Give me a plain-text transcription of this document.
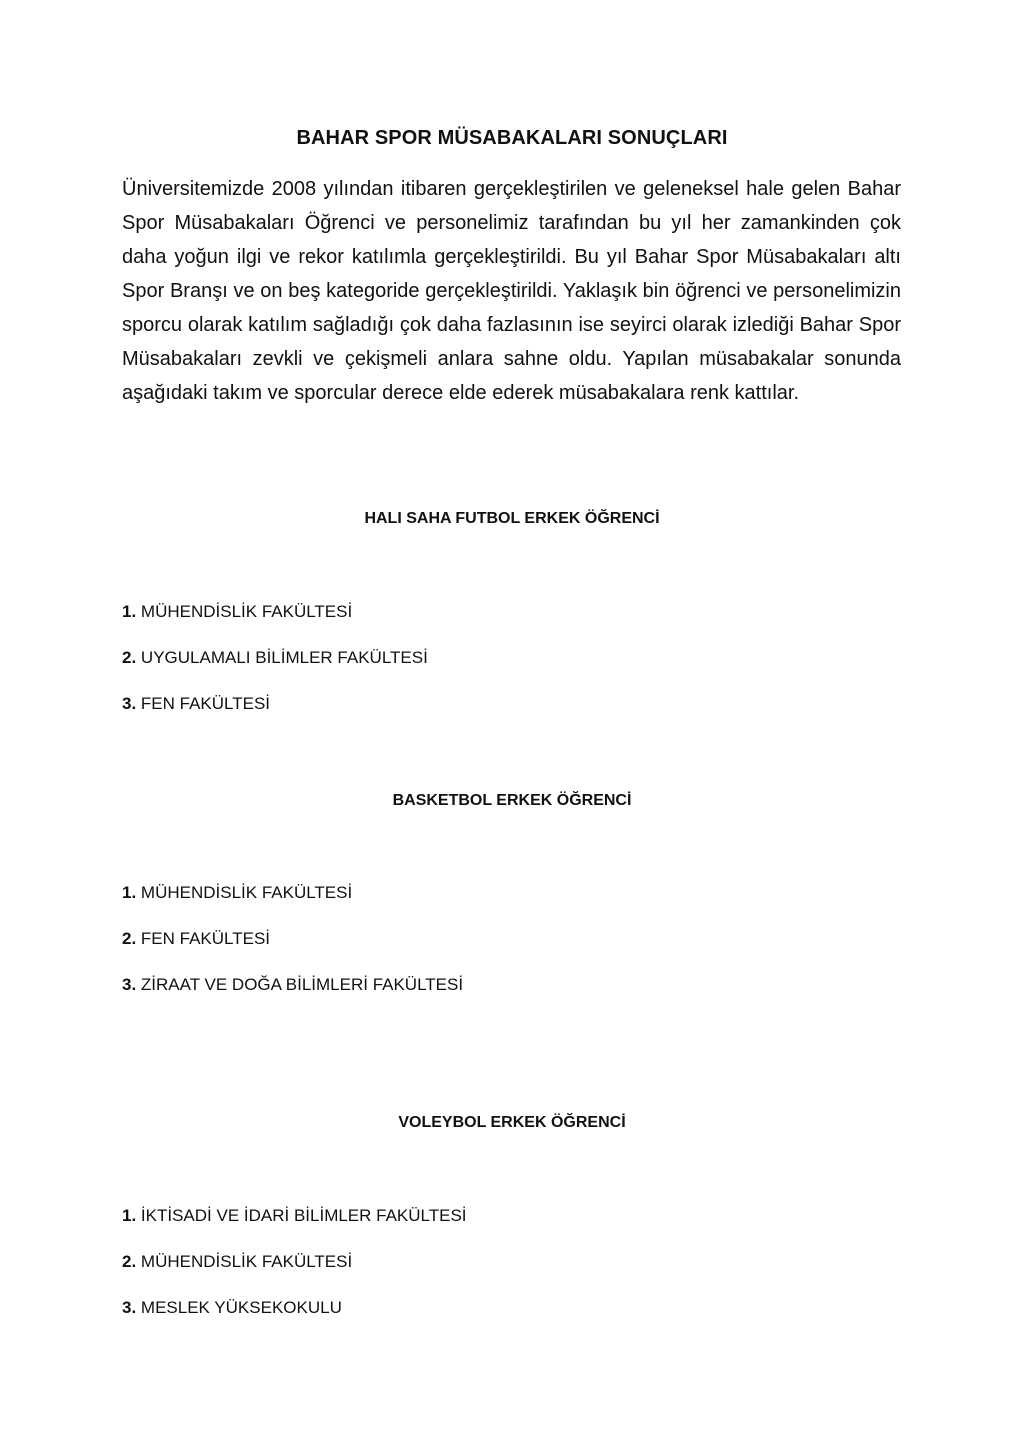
BAHAR SPOR MÜSABAKALARI SONUÇLARI

Üniversitemizde 2008 yılından itibaren gerçekleştirilen ve geleneksel hale gelen Bahar Spor Müsabakaları Öğrenci ve personelimiz tarafından bu yıl her zamankinden çok daha yoğun ilgi ve rekor katılımla gerçekleştirildi. Bu yıl Bahar Spor Müsabakaları altı Spor Branşı ve on beş kategoride gerçekleştirildi. Yaklaşık bin öğrenci ve personelimizin sporcu olarak katılım sağladığı çok daha fazlasının ise seyirci olarak izlediği Bahar Spor Müsabakaları zevkli ve çekişmeli anlara sahne oldu. Yapılan müsabakalar sonunda aşağıdaki takım ve sporcular derece elde ederek müsabakalara renk kattılar.

HALI SAHA FUTBOL ERKEK ÖĞRENCİ
1. MÜHENDİSLİK FAKÜLTESİ
2. UYGULAMALI BİLİMLER FAKÜLTESİ
3. FEN FAKÜLTESİ
BASKETBOL ERKEK ÖĞRENCİ
1. MÜHENDİSLİK FAKÜLTESİ
2. FEN FAKÜLTESİ
3. ZİRAAT VE DOĞA BİLİMLERİ FAKÜLTESİ
VOLEYBOL ERKEK ÖĞRENCİ
1. İKTİSADİ VE İDARİ BİLİMLER FAKÜLTESİ
2. MÜHENDİSLİK FAKÜLTESİ
3. MESLEK YÜKSEKOKULU
